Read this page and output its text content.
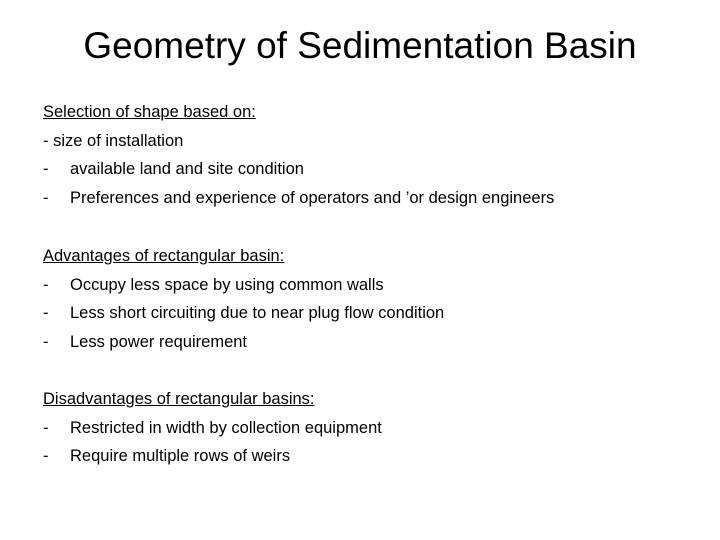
Geometry of Sedimentation Basin
Selection of shape based on:
- size of installation
- available land and site condition
- Preferences and experience of operators and ’or design engineers
Advantages of rectangular basin:
- Occupy less space by using common walls
- Less short circuiting due to near plug flow condition
- Less power requirement
Disadvantages of rectangular basins:
- Restricted in width by collection equipment
- Require multiple rows of weirs
